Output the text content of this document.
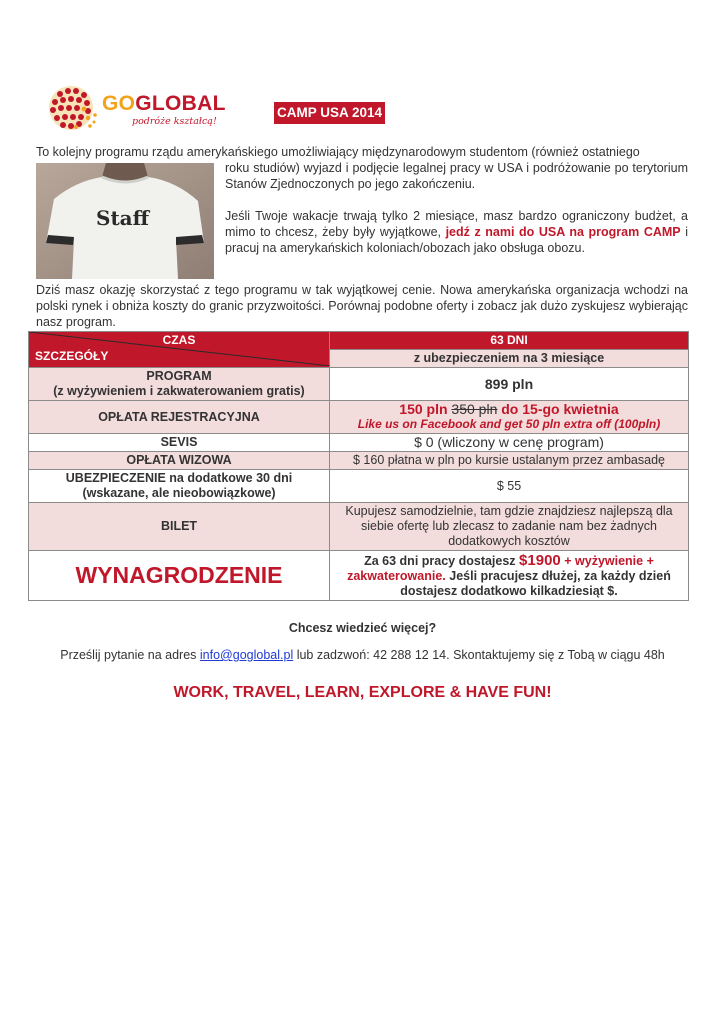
GOGLOBAL
podróże kształcą!
CAMP USA 2014

To kolejny programu rządu amerykańskiego umożliwiający międzynarodowym studentom (również ostatniego

Staff

roku studiów) wyjazd i podjęcie legalnej pracy w USA i podróżowanie po terytorium Stanów Zjednoczonych po jego zakończeniu.

Jeśli Twoje wakacje trwają tylko 2 miesiące, masz bardzo ograniczony budżet, a mimo to chcesz, żeby były wyjątkowe, jedź z nami do USA na program CAMP i pracuj na amerykańskich koloniach/obozach jako obsługa obozu.

Dziś masz okazję skorzystać z tego programu w tak wyjątkowej cenie. Nowa amerykańska organizacja wchodzi na polski rynek i obniża koszty do granic przyzwoitości. Porównaj podobne oferty i zobacz jak dużo zyskujesz wybierając nasz program.

CZAS
SZCZEGÓŁY	63 DNI
	z ubezpieczeniem na 3 miesiące

PROGRAM
(z wyżywieniem i zakwaterowaniem gratis)	899 pln
OPŁATA REJESTRACYJNA	150 pln 350 pln do 15-go kwietnia
Like us on Facebook and get 50 pln extra off (100pln)

SEVIS	$ 0 (wliczony w cenę program)
OPŁATA WIZOWA	$ 160 płatna w pln po kursie ustalanym przez ambasadę

UBEZPIECZENIE na dodatkowe 30 dni
(wskazane, ale nieobowiązkowe)	$ 55
BILET	Kupujesz samodzielnie, tam gdzie znajdziesz najlepszą dla siebie ofertę lub zlecasz to zadanie nam bez żadnych dodatkowych kosztów
WYNAGRODZENIE	Za 63 dni pracy dostajesz $1900 + wyżywienie + zakwaterowanie. Jeśli pracujesz dłużej, za każdy dzień dostajesz dodatkowo kilkadziesiąt $.
Chcesz wiedzieć więcej?
Prześlij pytanie na adres info@goglobal.pl lub zadzwoń: 42 288 12 14. Skontaktujemy się z Tobą w ciągu 48h
WORK, TRAVEL, LEARN, EXPLORE & HAVE FUN!
